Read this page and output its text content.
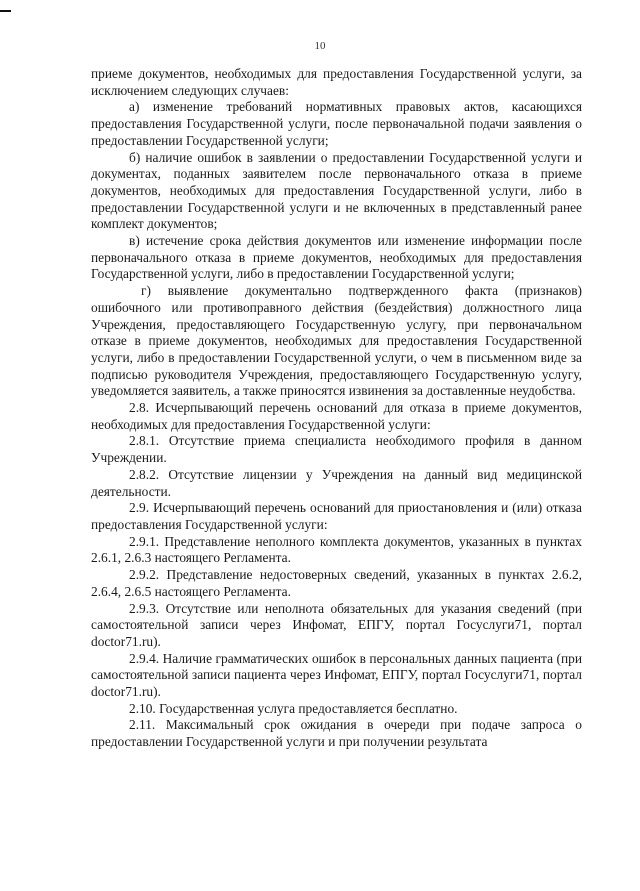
10

приеме документов, необходимых для предоставления Государственной услуги, за исключением следующих случаев:

а) изменение требований нормативных правовых актов, касающихся предоставления Государственной услуги, после первоначальной подачи заявления о предоставлении Государственной услуги;

б) наличие ошибок в заявлении о предоставлении Государственной услуги и документах, поданных заявителем после первоначального отказа в приеме документов, необходимых для предоставления Государственной услуги, либо в предоставлении Государственной услуги и не включенных в представленный ранее комплект документов;

в) истечение срока действия документов или изменение информации после первоначального отказа в приеме документов, необходимых для предоставления Государственной услуги, либо в предоставлении Государственной услуги;

г) выявление документально подтвержденного факта (признаков) ошибочного или противоправного действия (бездействия) должностного лица Учреждения, предоставляющего Государственную услугу, при первоначальном отказе в приеме документов, необходимых для предоставления Государственной услуги, либо в предоставлении Государственной услуги, о чем в письменном виде за подписью руководителя Учреждения, предоставляющего Государственную услугу, уведомляется заявитель, а также приносятся извинения за доставленные неудобства.

2.8. Исчерпывающий перечень оснований для отказа в приеме документов, необходимых для предоставления Государственной услуги:

2.8.1. Отсутствие приема специалиста необходимого профиля в данном Учреждении.

2.8.2. Отсутствие лицензии у Учреждения на данный вид медицинской деятельности.

2.9. Исчерпывающий перечень оснований для приостановления и (или) отказа предоставления Государственной услуги:

2.9.1. Представление неполного комплекта документов, указанных в пунктах 2.6.1, 2.6.3 настоящего Регламента.

2.9.2. Представление недостоверных сведений, указанных в пунктах 2.6.2, 2.6.4, 2.6.5 настоящего Регламента.

2.9.3. Отсутствие или неполнота обязательных для указания сведений (при самостоятельной записи через Инфомат, ЕПГУ, портал Госуслуги71, портал doctor71.ru).

2.9.4. Наличие грамматических ошибок в персональных данных пациента (при самостоятельной записи пациента через Инфомат, ЕПГУ, портал Госуслуги71, портал doctor71.ru).

2.10. Государственная услуга предоставляется бесплатно.

2.11. Максимальный срок ожидания в очереди при подаче запроса о предоставлении Государственной услуги и при получении результата
